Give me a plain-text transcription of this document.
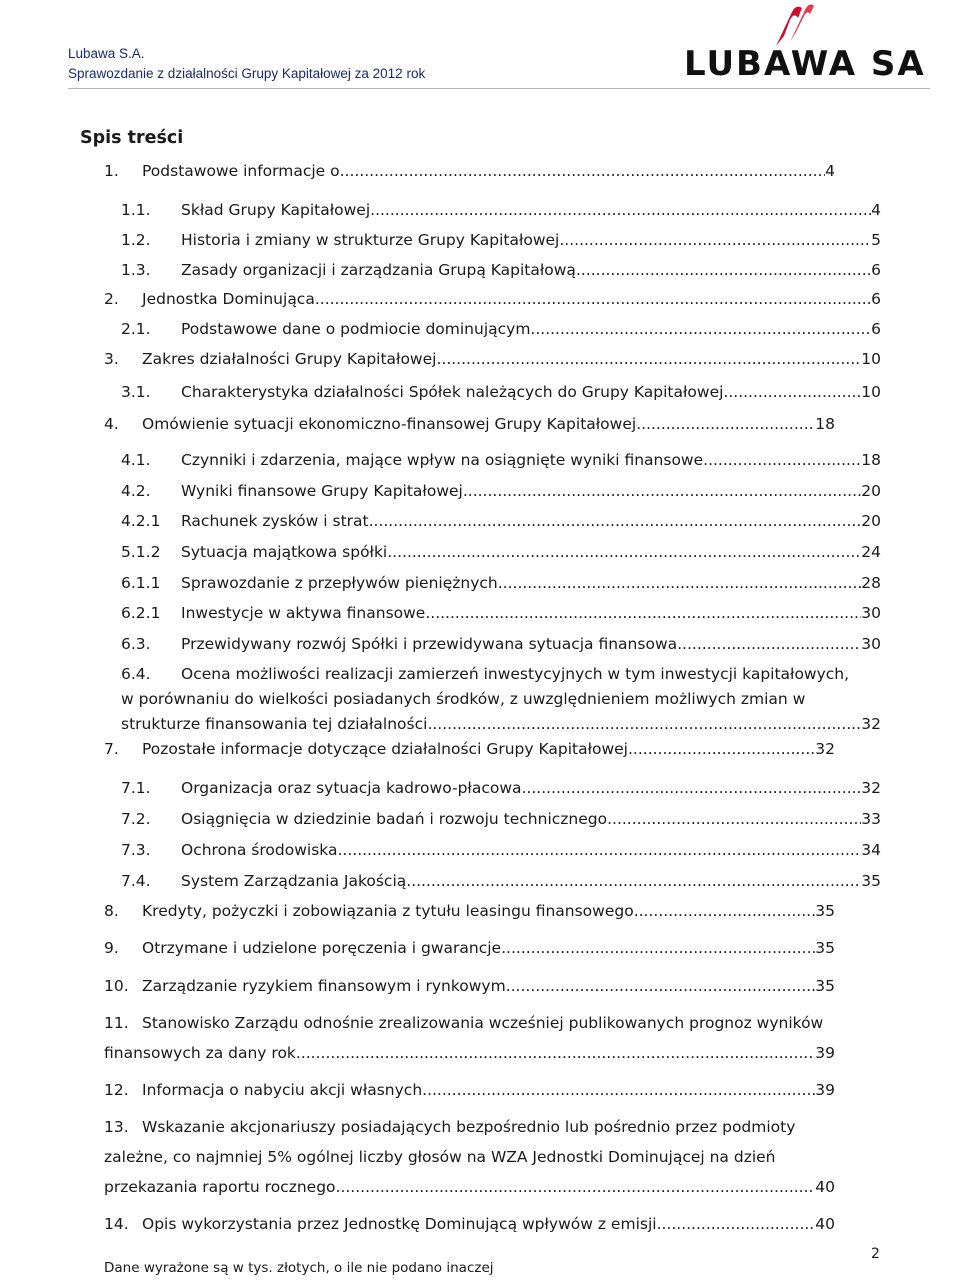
Lubawa S.A.
Sprawozdanie z działalności Grupy Kapitałowej za 2012 rok	LUBAWA SA
Spis treści
1.	Podstawowe informacje o .....	4
1.1.	Skład Grupy Kapitałowej .....	4
1.2.	Historia i zmiany w strukturze Grupy Kapitałowej .....	5
1.3.	Zasady organizacji i zarządzania Grupą Kapitałową .....	6
2.	Jednostka Dominująca .....	6
2.1.	Podstawowe dane o podmiocie dominującym .....	6
3.	Zakres działalności Grupy Kapitałowej .....	10
3.1.	Charakterystyka działalności Spółek należących do Grupy Kapitałowej .....	10
4.	Omówienie sytuacji ekonomiczno-finansowej Grupy Kapitałowej .....	18
4.1.	Czynniki i zdarzenia, mające wpływ na osiągnięte wyniki finansowe .....	18
4.2.	Wyniki finansowe Grupy Kapitałowej .....	20
4.2.1	Rachunek zysków i strat .....	20
5.1.2	Sytuacja majątkowa spółki .....	24
6.1.1	Sprawozdanie z przepływów pieniężnych .....	28
6.2.1	Inwestycje w aktywa finansowe .....	30
6.3.	Przewidywany rozwój Spółki i przewidywana sytuacja finansowa .....	30
6.4. Ocena możliwości realizacji zamierzeń inwestycyjnych w tym inwestycji kapitałowych,
w porównaniu do wielkości posiadanych środków, z uwzględnieniem możliwych zmian w
strukturze finansowania tej działalności .....	32
7.	Pozostałe informacje dotyczące działalności Grupy Kapitałowej .....	32
7.1.	Organizacja oraz sytuacja kadrowo-płacowa .....	32
7.2.	Osiągnięcia w dziedzinie badań i rozwoju technicznego .....	33
7.3.	Ochrona środowiska .....	34
7.4.	System Zarządzania Jakością .....	35
8.	Kredyty, pożyczki i zobowiązania z tytułu leasingu finansowego .....	35
9.	Otrzymane i udzielone poręczenia i gwarancje .....	35
10. Zarządzanie ryzykiem finansowym i rynkowym .....	35
11. Stanowisko Zarządu odnośnie zrealizowania wcześniej publikowanych prognoz wyników
finansowych za dany rok .....	39
12. Informacja o nabyciu akcji własnych .....	39
13. Wskazanie akcjonariuszy posiadających bezpośrednio lub pośrednio przez podmioty
zależne, co najmniej 5% ogólnej liczby głosów na WZA Jednostki Dominującej na dzień
przekazania raportu rocznego .....	40
14. Opis wykorzystania przez Jednostkę Dominującą wpływów z emisji .....	40
Dane wyrażone są w tys. złotych, o ile nie podano inaczej
2
